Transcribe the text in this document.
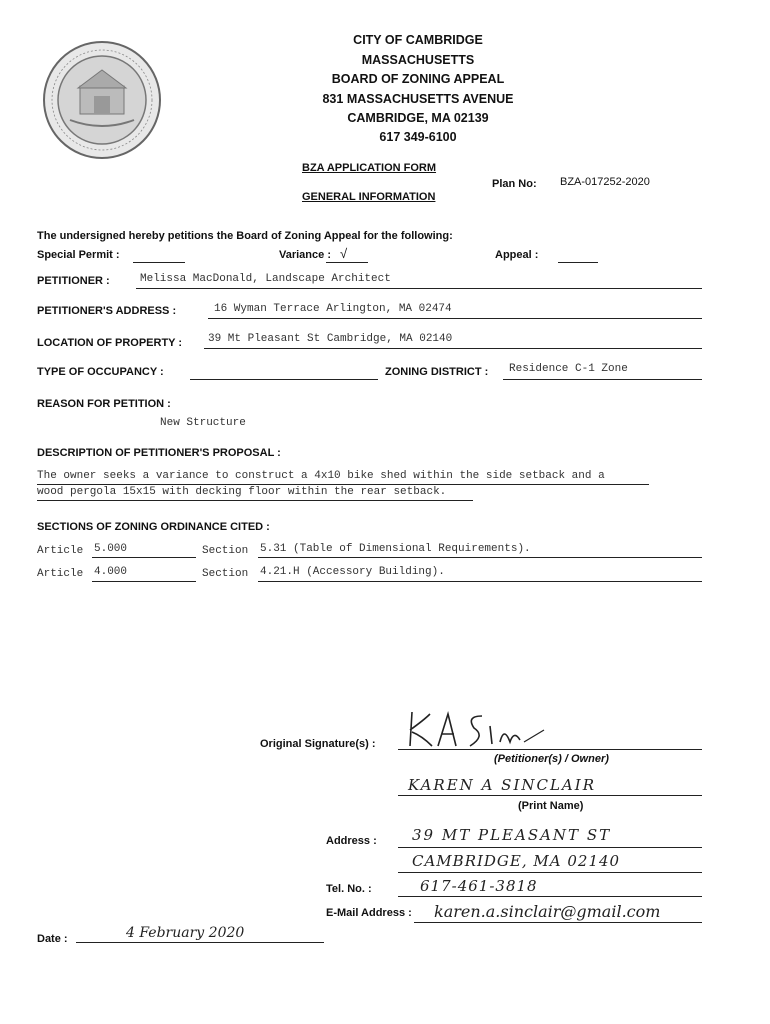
CITY OF CAMBRIDGE
MASSACHUSETTS
BOARD OF ZONING APPEAL
831 MASSACHUSETTS AVENUE
CAMBRIDGE, MA 02139
617 349-6100
BZA APPLICATION FORM
GENERAL INFORMATION
Plan No: BZA-017252-2020
The undersigned hereby petitions the Board of Zoning Appeal for the following:
Special Permit :	Variance : √	Appeal :
PETITIONER :	Melissa MacDonald, Landscape Architect
PETITIONER'S ADDRESS :	16 Wyman Terrace Arlington, MA 02474
LOCATION OF PROPERTY : 39 Mt Pleasant St Cambridge, MA 02140
TYPE OF OCCUPANCY :	ZONING DISTRICT : Residence C-1 Zone
REASON FOR PETITION :
New Structure
DESCRIPTION OF PETITIONER'S PROPOSAL :
The owner seeks a variance to construct a 4x10 bike shed within the side setback and a
wood pergola 15x15 with decking floor within the rear setback.
SECTIONS OF ZONING ORDINANCE CITED :
Article 5.000	Section 5.31 (Table of Dimensional Requirements).
Article 4.000	Section 4.21.H (Accessory Building).
Original Signature(s) :
(Petitioner(s) / Owner)
KAREN A SINCLAIR
(Print Name)
Address : 39 MT PLEASANT ST
CAMBRIDGE, MA 02140
Tel. No. :	617-461-3818
E-Mail Address : karen.a.sinclair@gmail.com
Date :	4 February 2020
